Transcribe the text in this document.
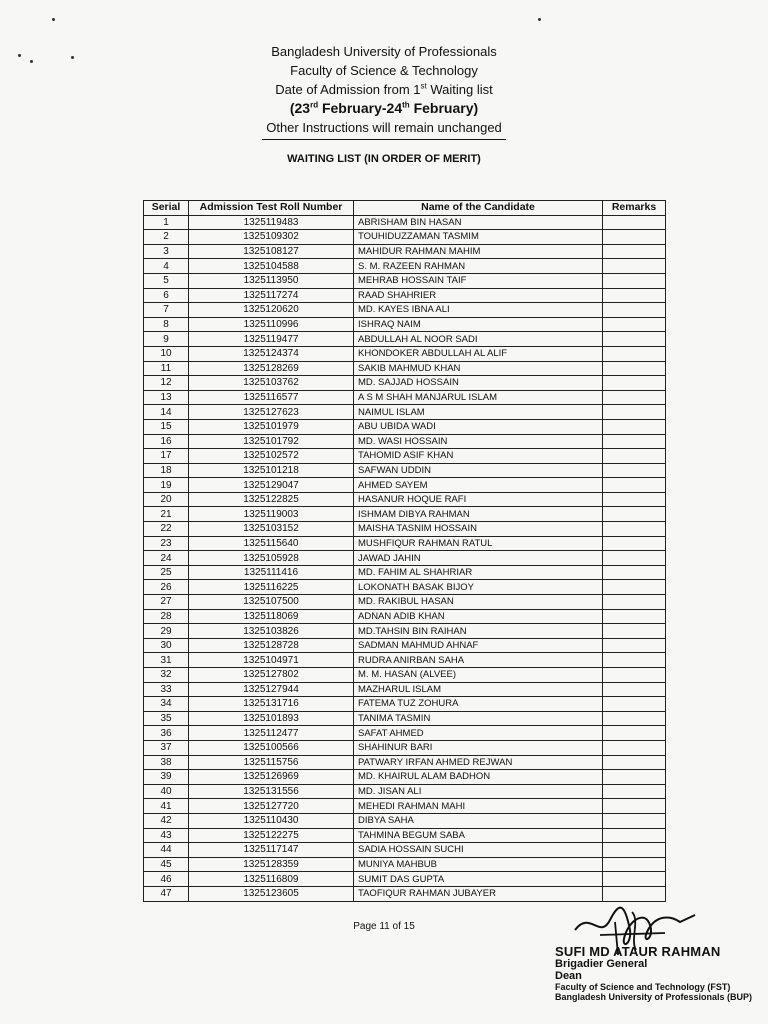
Bangladesh University of Professionals
Faculty of Science & Technology
Date of Admission from 1st Waiting list
(23rd February-24th February)
Other Instructions will remain unchanged
WAITING LIST (IN ORDER OF MERIT)
Serial	Admission Test Roll Number	Name of the Candidate	Remarks
1	1325119483	ABRISHAM BIN HASAN	
2	1325109302	TOUHIDUZZAMAN TASMIM	
3	1325108127	MAHIDUR RAHMAN MAHIM	
4	1325104588	S. M. RAZEEN RAHMAN	
5	1325113950	MEHRAB HOSSAIN TAIF	
6	1325117274	RAAD SHAHRIER	
7	1325120620	MD. KAYES IBNA ALI	
8	1325110996	ISHRAQ NAIM	
9	1325119477	ABDULLAH AL NOOR SADI	
10	1325124374	KHONDOKER ABDULLAH AL ALIF	
11	1325128269	SAKIB MAHMUD KHAN	
12	1325103762	MD. SAJJAD HOSSAIN	
13	1325116577	A S M SHAH MANJARUL ISLAM	
14	1325127623	NAIMUL ISLAM	
15	1325101979	ABU UBIDA WADI	
16	1325101792	MD. WASI HOSSAIN	
17	1325102572	TAHOMID ASIF KHAN	
18	1325101218	SAFWAN UDDIN	
19	1325129047	AHMED SAYEM	
20	1325122825	HASANUR HOQUE RAFI	
21	1325119003	ISHMAM DIBYA RAHMAN	
22	1325103152	MAISHA TASNIM HOSSAIN	
23	1325115640	MUSHFIQUR RAHMAN RATUL	
24	1325105928	JAWAD JAHIN	
25	1325111416	MD. FAHIM AL SHAHRIAR	
26	1325116225	LOKONATH BASAK BIJOY	
27	1325107500	MD. RAKIBUL HASAN	
28	1325118069	ADNAN ADIB KHAN	
29	1325103826	MD.TAHSIN BIN RAIHAN	
30	1325128728	SADMAN MAHMUD AHNAF	
31	1325104971	RUDRA ANIRBAN SAHA	
32	1325127802	M. M. HASAN (ALVEE)	
33	1325127944	MAZHARUL ISLAM	
34	1325131716	FATEMA TUZ ZOHURA	
35	1325101893	TANIMA TASMIN	
36	1325112477	SAFAT AHMED	
37	1325100566	SHAHINUR BARI	
38	1325115756	PATWARY IRFAN AHMED REJWAN	
39	1325126969	MD. KHAIRUL ALAM BADHON	
40	1325131556	MD. JISAN ALI	
41	1325127720	MEHEDI RAHMAN MAHI	
42	1325110430	DIBYA SAHA	
43	1325122275	TAHMINA BEGUM SABA	
44	1325117147	SADIA HOSSAIN SUCHI	
45	1325128359	MUNIYA MAHBUB	
46	1325116809	SUMIT DAS GUPTA	
47	1325123605	TAOFIQUR RAHMAN JUBAYER	
Page 11 of 15
SUFI MD ATAUR RAHMAN
Brigadier General
Dean
Faculty of Science and Technology (FST)
Bangladesh University of Professionals (BUP)
